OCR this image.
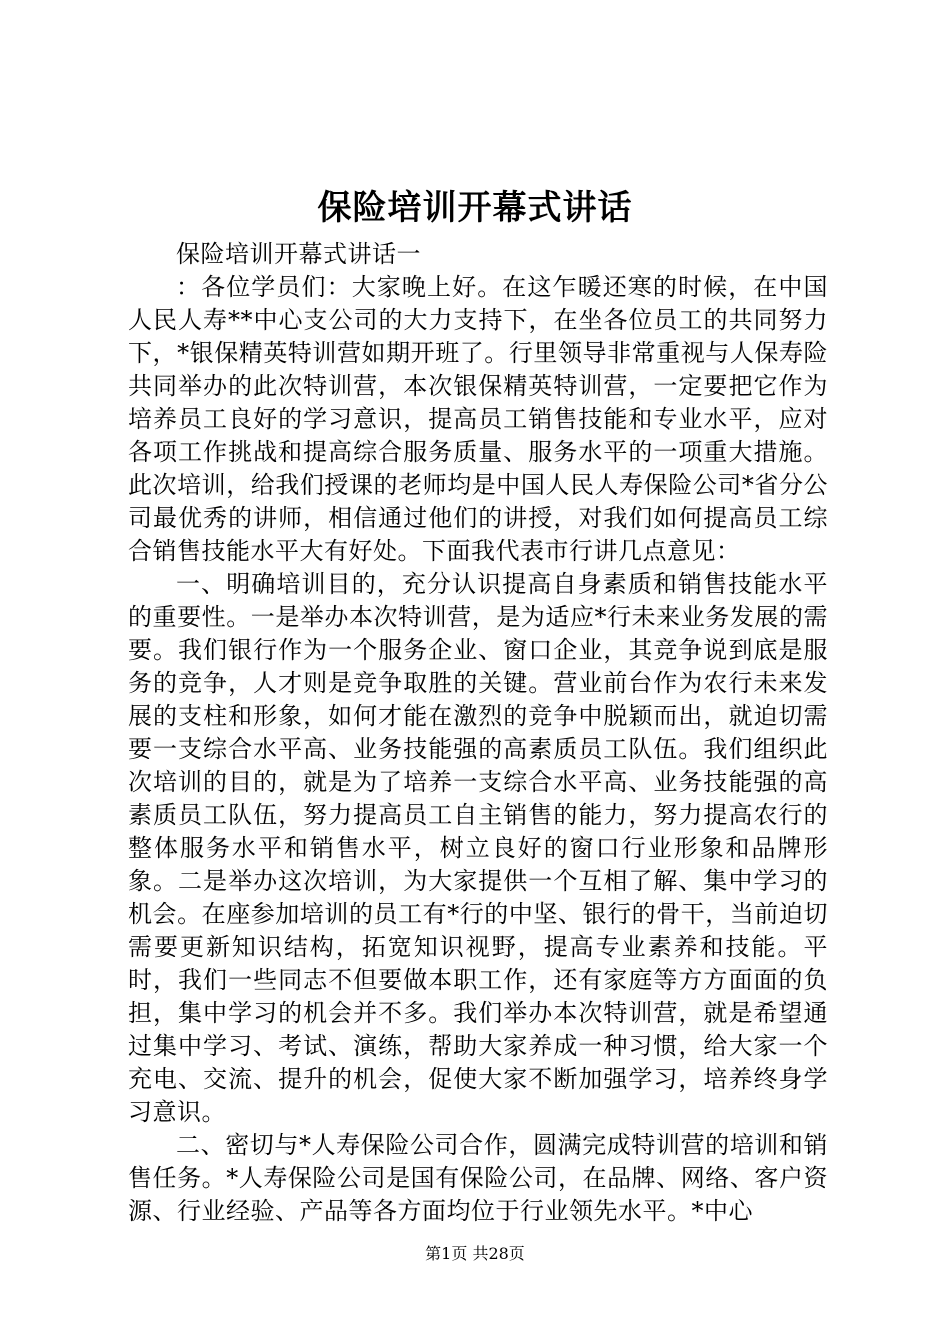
保险培训开幕式讲话

保险培训开幕式讲话一

：各位学员们：大家晚上好。在这乍暖还寒的时候，在中国人民人寿**中心支公司的大力支持下，在坐各位员工的共同努力下，*银保精英特训营如期开班了。行里领导非常重视与人保寿险共同举办的此次特训营，本次银保精英特训营，一定要把它作为培养员工良好的学习意识，提高员工销售技能和专业水平，应对各项工作挑战和提高综合服务质量、服务水平的一项重大措施。此次培训，给我们授课的老师均是中国人民人寿保险公司*省分公司最优秀的讲师，相信通过他们的讲授，对我们如何提高员工综合销售技能水平大有好处。下面我代表市行讲几点意见：

一、明确培训目的，充分认识提高自身素质和销售技能水平的重要性。一是举办本次特训营，是为适应*行未来业务发展的需要。我们银行作为一个服务企业、窗口企业，其竞争说到底是服务的竞争，人才则是竞争取胜的关键。营业前台作为农行未来发展的支柱和形象，如何才能在激烈的竞争中脱颖而出，就迫切需要一支综合水平高、业务技能强的高素质员工队伍。我们组织此次培训的目的，就是为了培养一支综合水平高、业务技能强的高素质员工队伍，努力提高员工自主销售的能力，努力提高农行的整体服务水平和销售水平，树立良好的窗口行业形象和品牌形象。二是举办这次培训，为大家提供一个互相了解、集中学习的机会。在座参加培训的员工有*行的中坚、银行的骨干，当前迫切需要更新知识结构，拓宽知识视野，提高专业素养和技能。平时，我们一些同志不但要做本职工作，还有家庭等方方面面的负担，集中学习的机会并不多。我们举办本次特训营，就是希望通过集中学习、考试、演练，帮助大家养成一种习惯，给大家一个充电、交流、提升的机会，促使大家不断加强学习，培养终身学习意识。

二、密切与*人寿保险公司合作，圆满完成特训营的培训和销售任务。*人寿保险公司是国有保险公司，在品牌、网络、客户资源、行业经验、产品等各方面均位于行业领先水平。*中心

第1页 共28页
